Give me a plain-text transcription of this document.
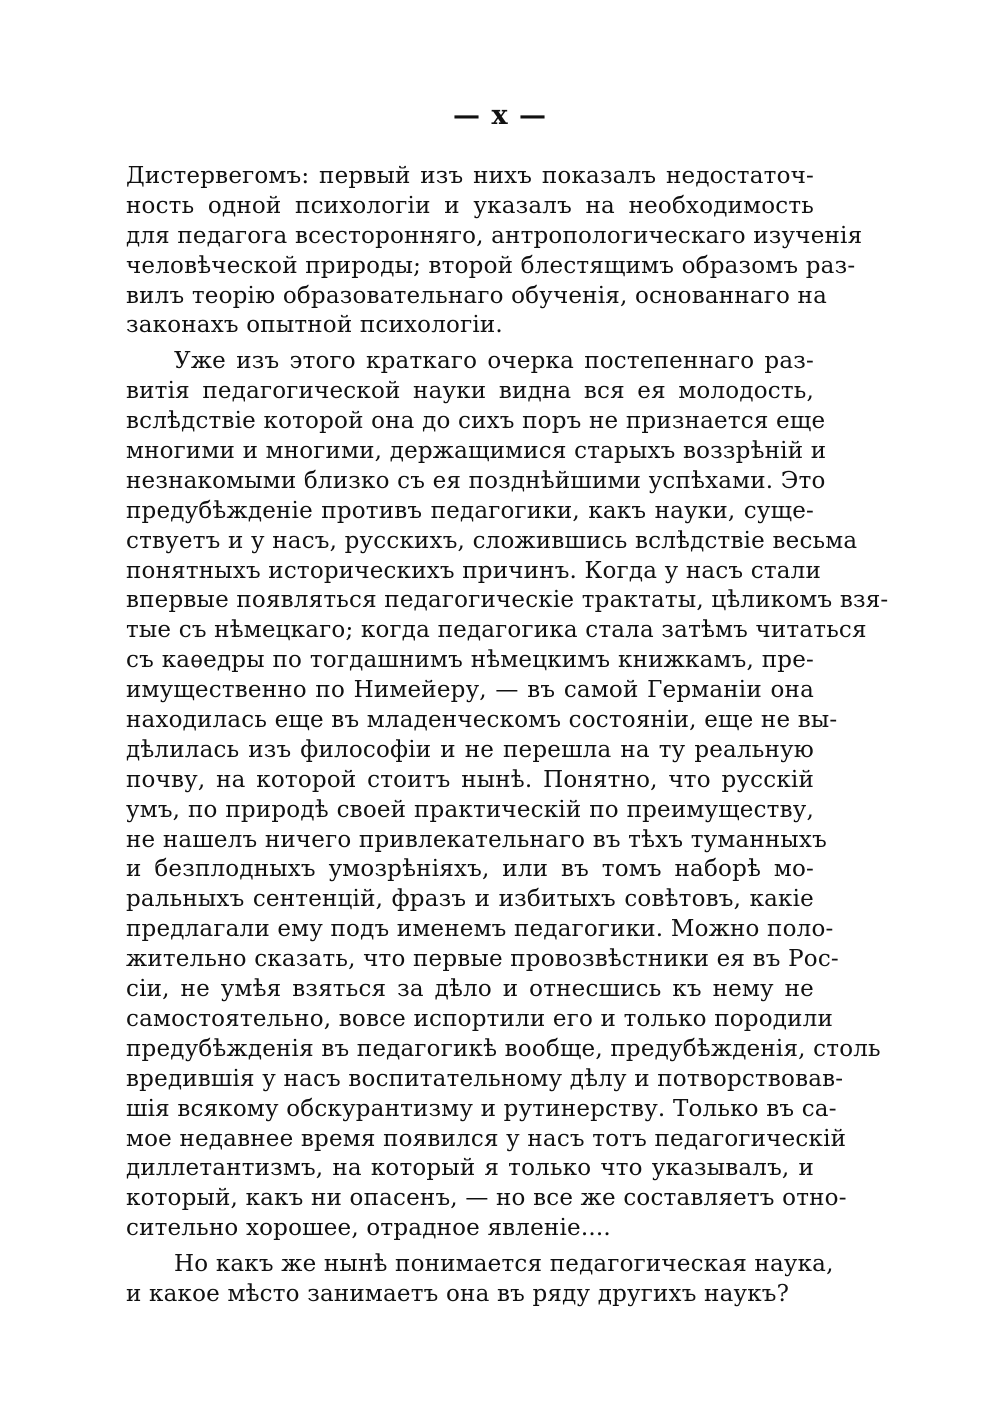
— x —
Дистервегомъ: первый изъ нихъ показалъ недостаточ-
ность одной психологіи и указалъ на необходимость
для педагога всесторонняго, антропологическаго изученія
человѣческой природы; второй блестящимъ образомъ раз-
вилъ теорію образовательнаго обученія, основаннаго на
законахъ опытной психологіи.
Уже изъ этого краткаго очерка постепеннаго раз-
витія педагогической науки видна вся ея молодость,
вслѣдствіе которой она до сихъ поръ не признается еще
многими и многими, держащимися старыхъ воззрѣній и
незнакомыми близко съ ея позднѣйшими успѣхами. Это
предубѣжденіе противъ педагогики, какъ науки, суще-
ствуетъ и у насъ, русскихъ, сложившись вслѣдствіе весьма
понятныхъ историческихъ причинъ. Когда у насъ стали
впервые появляться педагогическіе трактаты, цѣликомъ взя-
тые съ нѣмецкаго; когда педагогика стала затѣмъ читаться
съ каѳедры по тогдашнимъ нѣмецкимъ книжкамъ, пре-
имущественно по Нимейеру, — въ самой Германіи она
находилась еще въ младенческомъ состояніи, еще не вы-
дѣлилась изъ философіи и не перешла на ту реальную
почву, на которой стоитъ нынѣ. Понятно, что русскій
умъ, по природѣ своей практическій по преимуществу,
не нашелъ ничего привлекательнаго въ тѣхъ туманныхъ
и безплодныхъ умозрѣніяхъ, или въ томъ наборѣ мо-
ральныхъ сентенцій, фразъ и избитыхъ совѣтовъ, какіе
предлагали ему подъ именемъ педагогики. Можно поло-
жительно сказать, что первые провозвѣстники ея въ Рос-
сіи, не умѣя взяться за дѣло и отнесшись къ нему не
самостоятельно, вовсе испортили его и только породили
предубѣжденія въ педагогикѣ вообще, предубѣжденія, столь
вредившія у насъ воспитательному дѣлу и потворствовав-
шія всякому обскурантизму и рутинерству. Только въ са-
мое недавнее время появился у насъ тотъ педагогическій
диллетантизмъ, на который я только что указывалъ, и
который, какъ ни опасенъ, — но все же составляетъ отно-
сительно хорошее, отрадное явленіе....
Но какъ же нынѣ понимается педагогическая наука,
и какое мѣсто занимаетъ она въ ряду другихъ наукъ?
